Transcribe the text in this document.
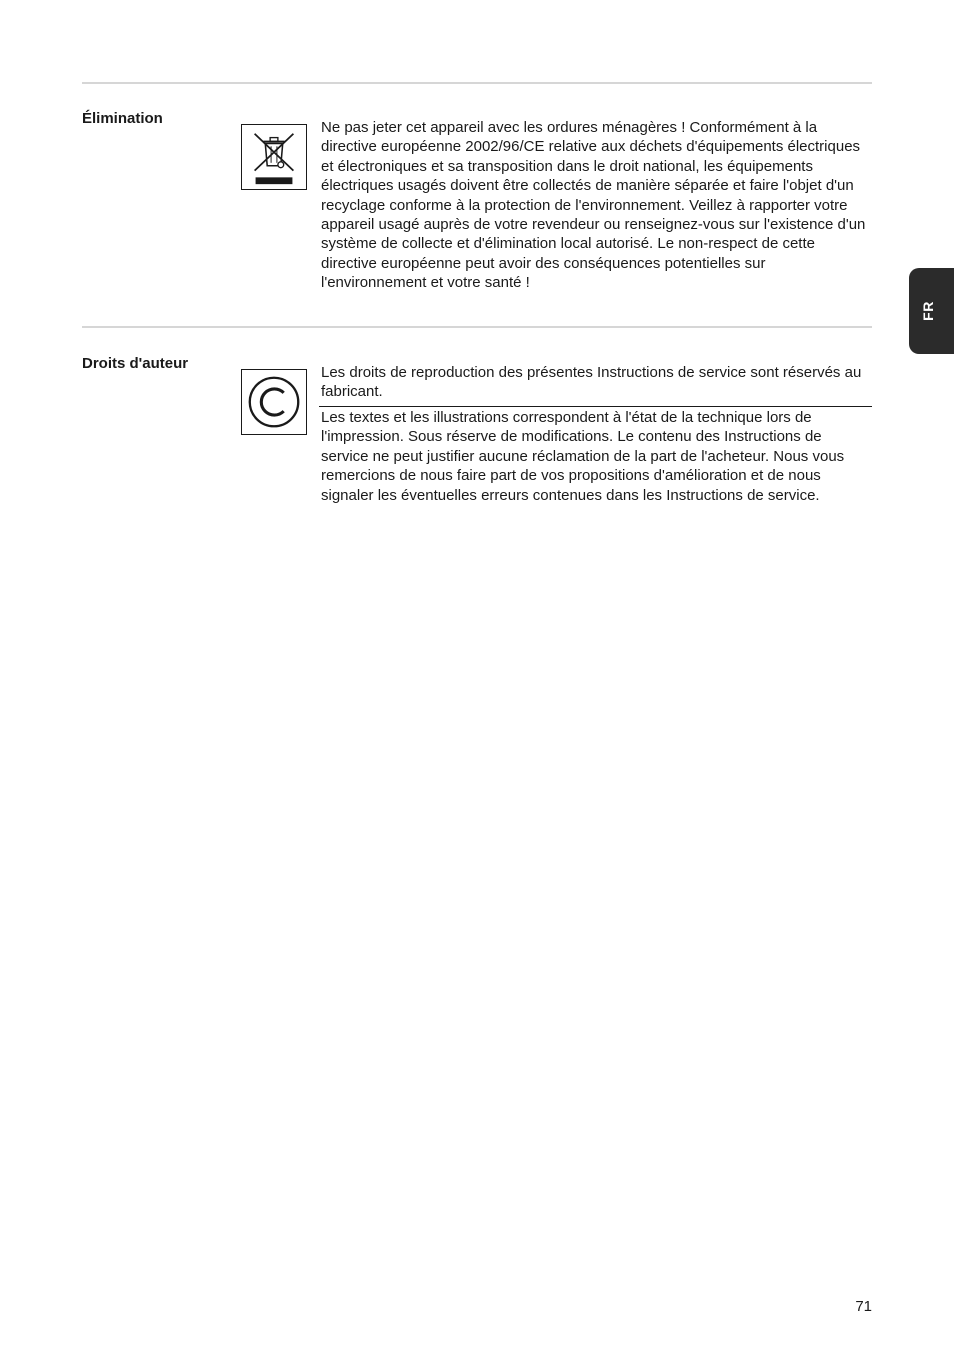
Élimination

Ne pas jeter cet appareil avec les ordures ménagères ! Conformément à la directive européenne 2002/96/CE relative aux déchets d'équipements électriques et électroniques et sa transposition dans le droit national, les équipements électriques usagés doivent être collectés de manière séparée et faire l'objet d'un recyclage conforme à la protection de l'environnement. Veillez à rapporter votre appareil usagé auprès de votre revendeur ou renseignez-vous sur l'existence d'un système de collecte et d'élimination local autorisé. Le non-respect de cette directive européenne peut avoir des conséquences potentielles sur l'environnement et votre santé !

Droits d'auteur

Les droits de reproduction des présentes Instructions de service sont réservés au fabricant.

Les textes et les illustrations correspondent à l'état de la technique lors de l'impression. Sous réserve de modifications. Le contenu des Instructions de service ne peut justifier aucune réclamation de la part de l'acheteur. Nous vous remercions de nous faire part de vos propositions d'amélioration et de nous signaler les éventuelles erreurs contenues dans les Instructions de service.

FR
71
